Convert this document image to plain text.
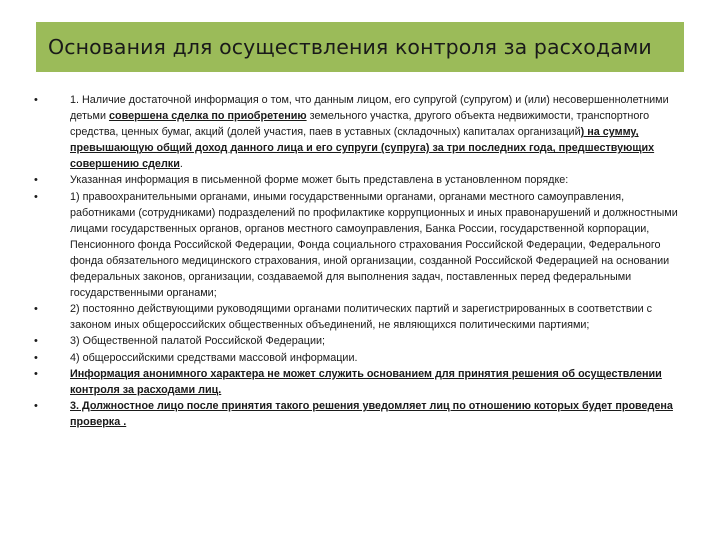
Основания для осуществления контроля за расходами
•	1. Наличие достаточной информация о том, что данным лицом, его супругой (супругом) и (или) несовершеннолетними детьми совершена сделка по приобретению земельного участка, другого объекта недвижимости, транспортного средства, ценных бумаг, акций (долей участия, паев в уставных (складочных) капиталах организаций) на сумму, превышающую общий доход данного лица и его супруги (супруга) за три последних года, предшествующих совершению сделки.
•	Указанная информация в письменной форме может быть представлена в установленном порядке:
•	1) правоохранительными органами, иными государственными органами, органами местного самоуправления, работниками (сотрудниками) подразделений по профилактике коррупционных и иных правонарушений и должностными лицами государственных органов, органов местного самоуправления, Банка России, государственной корпорации, Пенсионного фонда Российской Федерации, Фонда социального страхования Российской Федерации, Федерального фонда обязательного медицинского страхования, иной организации, созданной Российской Федерацией на основании федеральных законов, организации, создаваемой для выполнения задач, поставленных перед федеральными государственными органами;
•	2) постоянно действующими руководящими органами политических партий и зарегистрированных в соответствии с законом иных общероссийских общественных объединений, не являющихся политическими партиями;
•	3) Общественной палатой Российской Федерации;
•	4) общероссийскими средствами массовой информации.
•	Информация анонимного характера не может служить основанием для принятия решения об осуществлении контроля за расходами лиц.
•	3. Должностное лицо после принятия такого решения уведомляет лиц по отношению которых будет проведена проверка .
